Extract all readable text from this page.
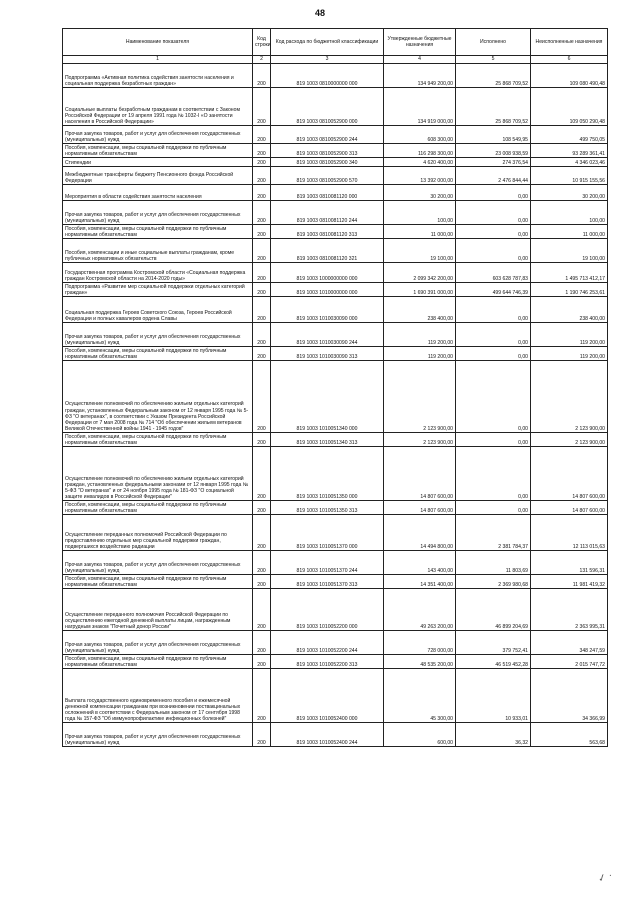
48
Наименование показателя	Код строки	Код расхода по бюджетной классификации	Утвержденные бюджетные назначения	Исполнено	Неисполненные назначения
1	2	3	4	5	6
Подпрограмма «Активная политика содействия занятости населения и социальная поддержка безработных граждан»	200	819 1003 0810000000 000	134 949 200,00	25 868 709,52	109 080 490,48
Социальные выплаты безработным гражданам в соответствии с Законом Российской Федерации от 19 апреля 1991 года № 1032-I «О занятости населения в Российской Федерации»	200	819 1003 0810052900 000	134 919 000,00	25 868 709,52	109 050 290,48
Прочая закупка товаров, работ и услуг для обеспечения государственных (муниципальных) нужд	200	819 1003 0810052900 244	608 300,00	108 549,95	499 750,05
Пособия, компенсации, меры социальной поддержки по публичным нормативным обязательствам	200	819 1003 0810052900 313	116 298 300,00	23 008 938,59	93 289 361,41
Стипендии	200	819 1003 0810052900 340	4 620 400,00	274 376,54	4 346 023,46
Межбюджетные трансферты бюджету Пенсионного фонда Российской Федерации	200	819 1003 0810052900 570	13 392 000,00	2 476 844,44	10 915 155,56
Мероприятия в области содействия занятости населения	200	819 1003 0810081120 000	30 200,00	0,00	30 200,00
Прочая закупка товаров, работ и услуг для обеспечения государственных (муниципальных) нужд	200	819 1003 0810081120 244	100,00	0,00	100,00
Пособия, компенсации, меры социальной поддержки по публичным нормативным обязательствам	200	819 1003 0810081120 313	11 000,00	0,00	11 000,00
Пособия, компенсации и иные социальные выплаты гражданам, кроме публичных нормативных обязательств	200	819 1003 0810081120 321	19 100,00	0,00	19 100,00
Государственная программа Костромской области «Социальная поддержка граждан Костромской области на 2014-2020 годы»	200	819 1003 1000000000 000	2 099 342 200,00	603 628 787,83	1 495 713 412,17
Подпрограмма «Развитие мер социальной поддержки отдельных категорий граждан»	200	819 1003 1010000000 000	1 690 391 000,00	499 644 746,39	1 190 746 253,61
Социальная поддержка Героев Советского Союза, Героев Российской Федерации и полных кавалеров ордена Славы	200	819 1003 1010030090 000	238 400,00	0,00	238 400,00
Прочая закупка товаров, работ и услуг для обеспечения государственных (муниципальных) нужд	200	819 1003 1010030090 244	119 200,00	0,00	119 200,00
Пособия, компенсации, меры социальной поддержки по публичным нормативным обязательствам	200	819 1003 1010030090 313	119 200,00	0,00	119 200,00
Осуществление полномочий по обеспечению жильем отдельных категорий граждан, установленных Федеральным законом от 12 января 1995 года № 5-ФЗ "О ветеранах", в соответствии с Указом Президента Российской Федерации от 7 мая 2008 года № 714 "Об обеспечении жильем ветеранов Великой Отечественной войны 1941 - 1945 годов"	200	819 1003 1010051340 000	2 123 900,00	0,00	2 123 900,00
Пособия, компенсации, меры социальной поддержки по публичным нормативным обязательствам	200	819 1003 1010051340 313	2 123 900,00	0,00	2 123 900,00
Осуществление полномочий по обеспечению жильем отдельных категорий граждан, установленных федеральными законами от 12 января 1995 года № 5-ФЗ "О ветеранах" и от 24 ноября 1995 года № 181-ФЗ "О социальной защите инвалидов в Российской Федерации"	200	819 1003 1010051350 000	14 807 600,00	0,00	14 807 600,00
Пособия, компенсации, меры социальной поддержки по публичным нормативным обязательствам	200	819 1003 1010051350 313	14 807 600,00	0,00	14 807 600,00
Осуществление переданных полномочий Российской Федерации по предоставлению отдельных мер социальной поддержки граждан, подвергшихся воздействию радиации	200	819 1003 1010051370 000	14 494 800,00	2 381 784,37	12 113 015,63
Прочая закупка товаров, работ и услуг для обеспечения государственных (муниципальных) нужд	200	819 1003 1010051370 244	143 400,00	11 803,69	131 596,31
Пособия, компенсации, меры социальной поддержки по публичным нормативным обязательствам	200	819 1003 1010051370 313	14 351 400,00	2 369 980,68	11 981 419,32
Осуществление переданного полномочия Российской Федерации по осуществлению ежегодной денежной выплаты лицам, награжденным нагрудным знаком "Почетный донор России"	200	819 1003 1010052200 000	49 263 200,00	46 899 204,69	2 363 995,31
Прочая закупка товаров, работ и услуг для обеспечения государственных (муниципальных) нужд	200	819 1003 1010052200 244	728 000,00	379 752,41	348 247,59
Пособия, компенсации, меры социальной поддержки по публичным нормативным обязательствам	200	819 1003 1010052200 313	48 535 200,00	46 519 452,28	2 015 747,72
Выплата государственного единовременного пособия и ежемесячной денежной компенсации гражданам при возникновении поствакцинальных осложнений в соответствии с Федеральным законом от 17 сентября 1998 года № 157-ФЗ "Об иммунопрофилактике инфекционных болезней"	200	819 1003 1010052400 000	45 300,00	10 933,01	34 366,99
Прочая закупка товаров, работ и услуг для обеспечения государственных (муниципальных) нужд	200	819 1003 1010052400 244	600,00	36,32	563,68
✓ ·
